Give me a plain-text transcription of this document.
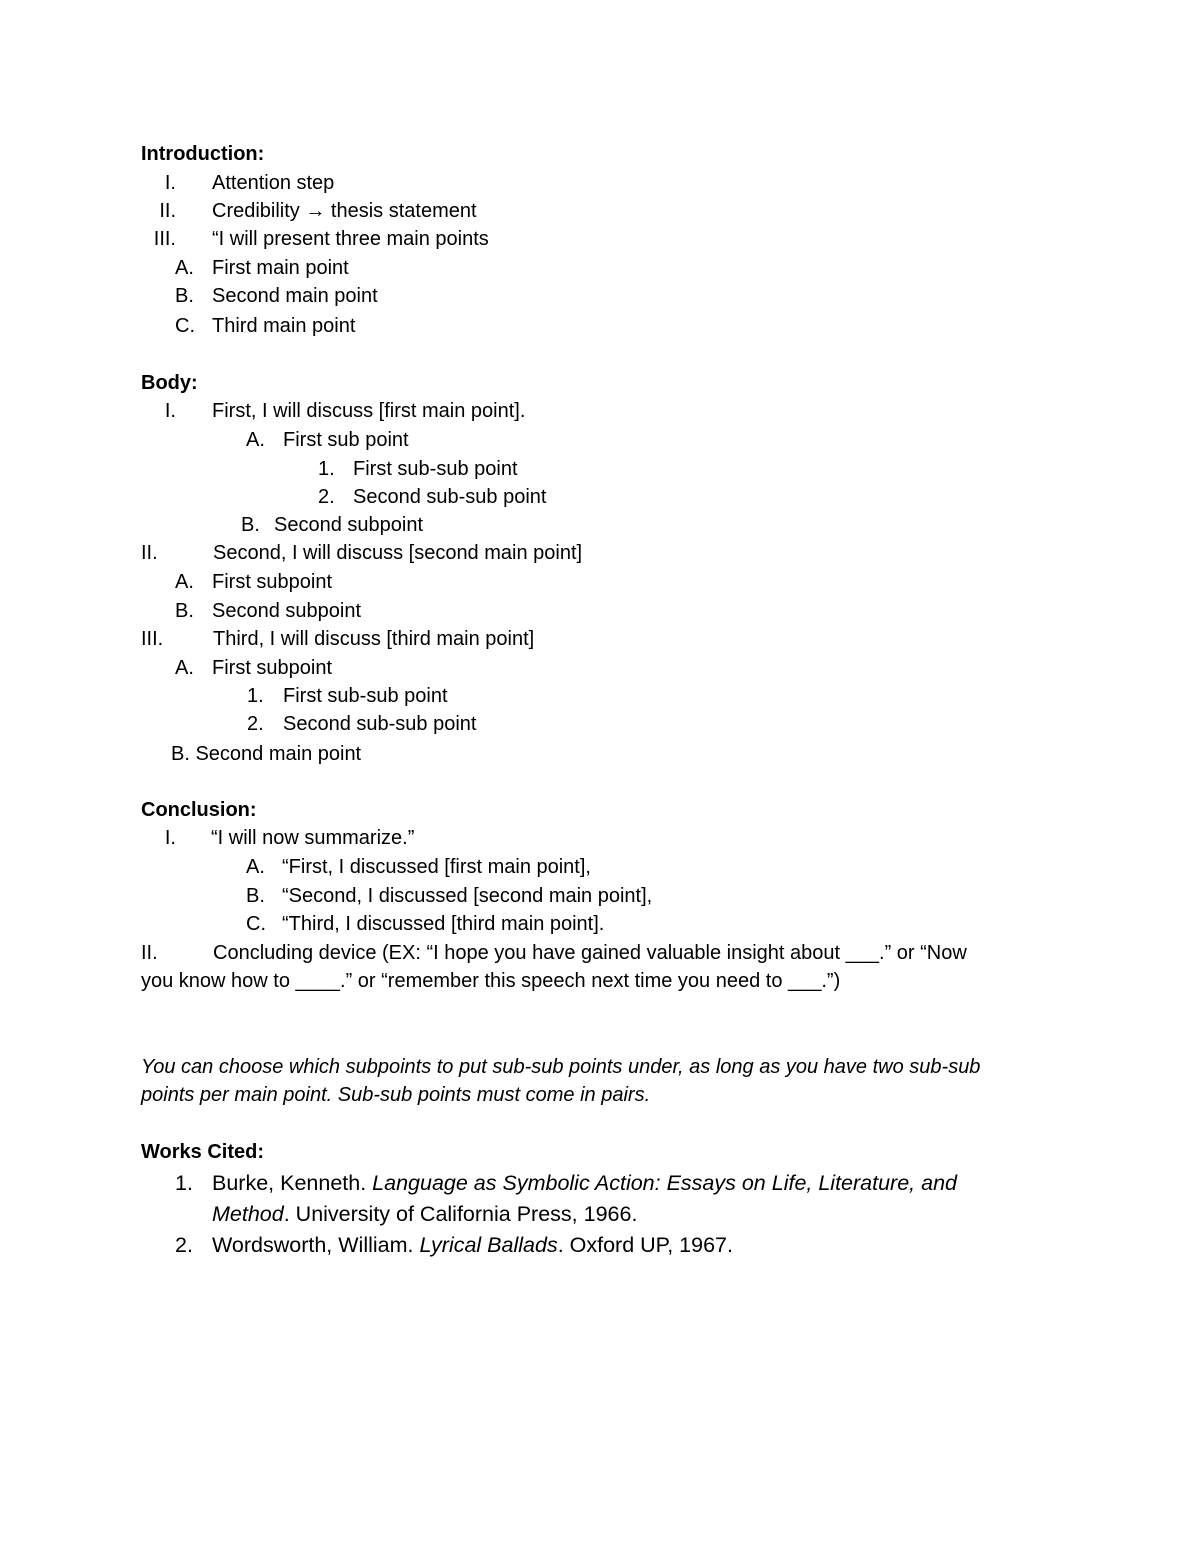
Introduction:
I. Attention step
II. Credibility → thesis statement
III. “I will present three main points
A. First main point
B. Second main point
C. Third main point
Body:
I. First, I will discuss [first main point].
A. First sub point
1. First sub-sub point
2. Second sub-sub point
B. Second subpoint
II.	Second, I will discuss [second main point]
A. First subpoint
B. Second subpoint
III. Third, I will discuss [third main point]
A. First subpoint
1. First sub-sub point
2. Second sub-sub point
B. Second main point
Conclusion:
I. “I will now summarize.”
A. “First, I discussed [first main point],
B. “Second, I discussed [second main point],
C. “Third, I discussed [third main point].
II.	Concluding device (EX: “I hope you have gained valuable insight about ___.” or “Now
you know how to ____.” or “remember this speech next time you need to ___.”)
You can choose which subpoints to put sub-sub points under, as long as you have two sub-sub
points per main point. Sub-sub points must come in pairs.
Works Cited:
1. Burke, Kenneth. Language as Symbolic Action: Essays on Life, Literature, and
Method. University of California Press, 1966.
2. Wordsworth, William. Lyrical Ballads. Oxford UP, 1967.
